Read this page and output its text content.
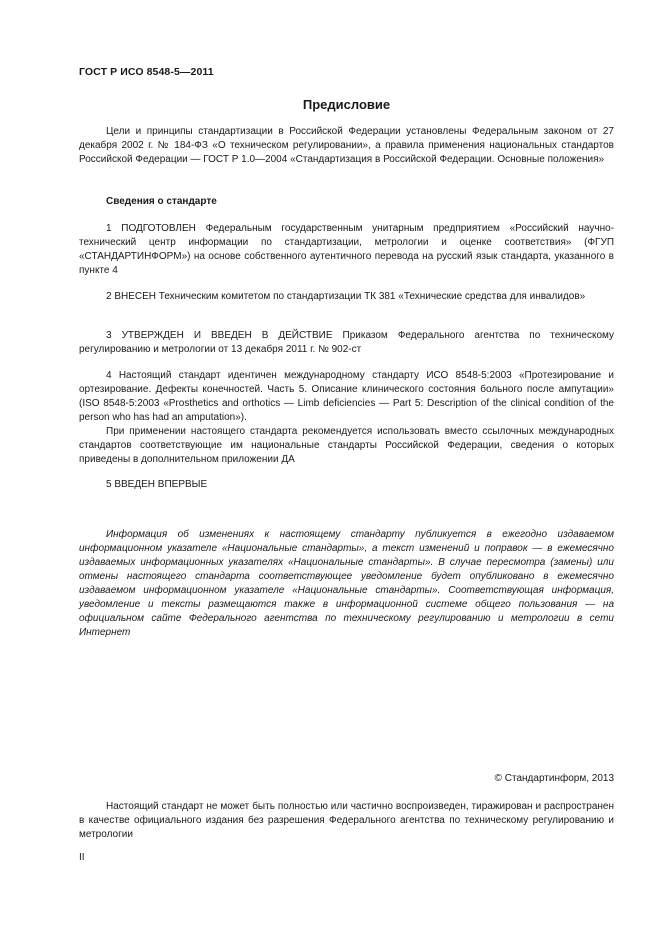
ГОСТ Р ИСО 8548-5—2011
Предисловие

Цели и принципы стандартизации в Российской Федерации установлены Федеральным законом от 27 декабря 2002 г. № 184-ФЗ «О техническом регулировании», а правила применения национальных стандартов Российской Федерации — ГОСТ Р 1.0—2004 «Стандартизация в Российской Федерации. Основные положения»

Сведения о стандарте

1 ПОДГОТОВЛЕН Федеральным государственным унитарным предприятием «Российский научно-технический центр информации по стандартизации, метрологии и оценке соответствия» (ФГУП «СТАНДАРТИНФОРМ») на основе собственного аутентичного перевода на русский язык стандарта, указанного в пункте 4

2 ВНЕСЕН Техническим комитетом по стандартизации ТК 381 «Технические средства для инвалидов»

3 УТВЕРЖДЕН И ВВЕДЕН В ДЕЙСТВИЕ Приказом Федерального агентства по техническому регулированию и метрологии от 13 декабря 2011 г. № 902-ст

4 Настоящий стандарт идентичен международному стандарту ИСО 8548-5:2003 «Протезирование и ортезирование. Дефекты конечностей. Часть 5. Описание клинического состояния больного после ампутации» (ISO 8548-5:2003 «Prosthetics and orthotics — Limb deficiencies — Part 5: Description of the clinical condition of the person who has had an amputation»).

При применении настоящего стандарта рекомендуется использовать вместо ссылочных международных стандартов соответствующие им национальные стандарты Российской Федерации, сведения о которых приведены в дополнительном приложении ДА

5 ВВЕДЕН ВПЕРВЫЕ

Информация об изменениях к настоящему стандарту публикуется в ежегодно издаваемом информационном указателе «Национальные стандарты», а текст изменений и поправок — в ежемесячно издаваемых информационных указателях «Национальные стандарты». В случае пересмотра (замены) или отмены настоящего стандарта соответствующее уведомление будет опубликовано в ежемесячно издаваемом информационном указателе «Национальные стандарты». Соответствующая информация, уведомление и тексты размещаются также в информационной системе общего пользования — на официальном сайте Федерального агентства по техническому регулированию и метрологии в сети Интернет

© Стандартинформ, 2013

Настоящий стандарт не может быть полностью или частично воспроизведен, тиражирован и распространен в качестве официального издания без разрешения Федерального агентства по техническому регулированию и метрологии

II
